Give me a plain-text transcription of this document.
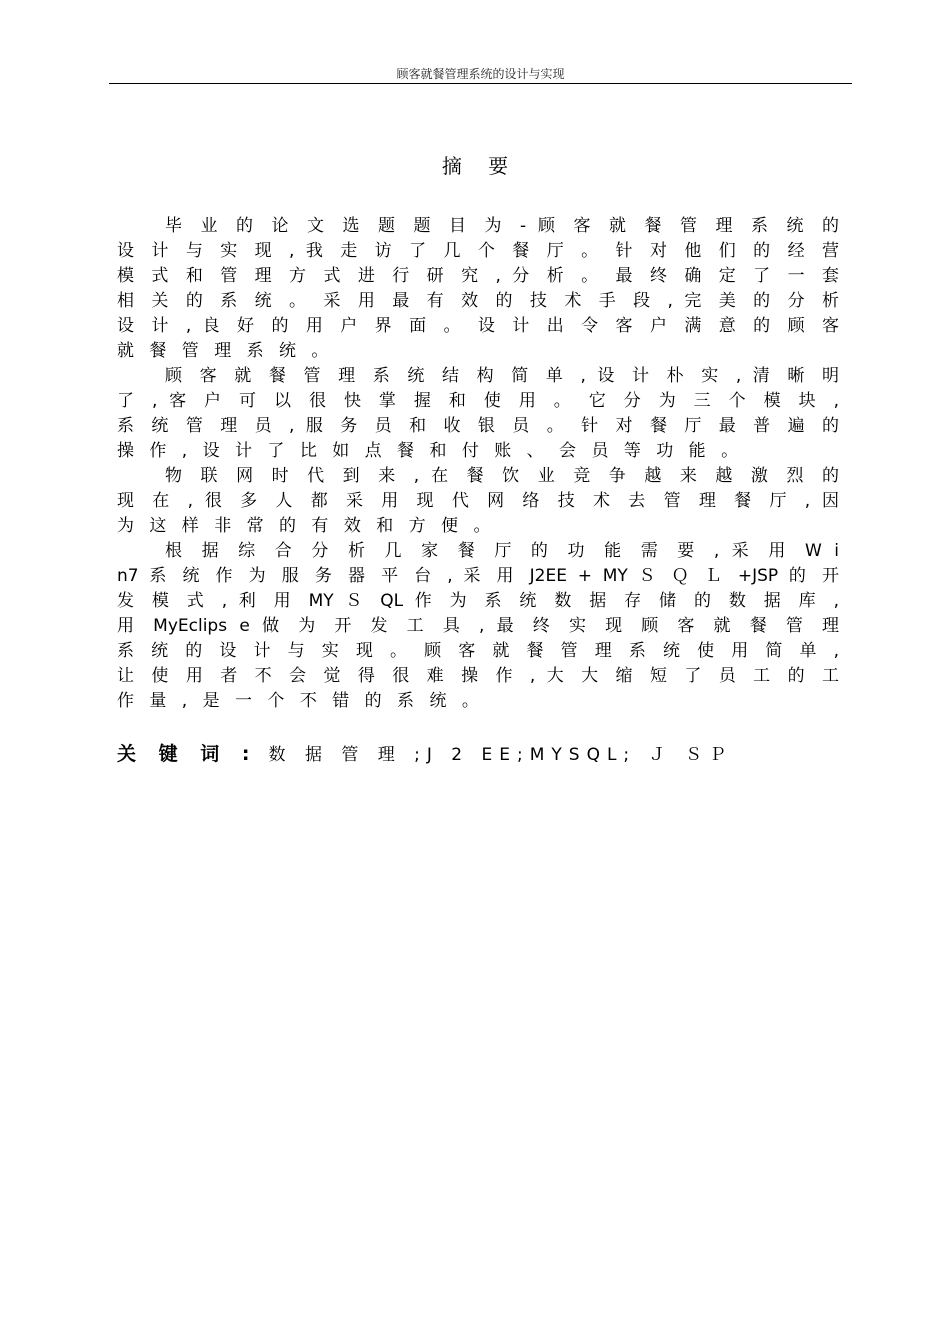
顾客就餐管理系统的设计与实现
摘 要
毕 业 的 论 文 选 题 题 目 为 - 顾 客 就 餐 管 理 系 统 的
设 计 与 实 现 , 我 走 访 了 几 个 餐 厅 。 针 对 他 们 的 经 营
模 式 和 管 理 方 式 进 行 研 究 , 分 析 。 最 终 确 定 了 一 套
相 关 的 系 统 。 采 用 最 有 效 的 技 术 手 段 , 完 美 的 分 析
设 计 , 良 好 的 用 户 界 面 。 设 计 出 令 客 户 满 意 的 顾 客
就 餐 管 理 系 统 。
顾 客 就 餐 管 理 系 统 结 构 简 单 , 设 计 朴 实 , 清 晰 明
了 , 客 户 可 以 很 快 掌 握 和 使 用 。 它 分 为 三 个 模 块 ,
系 统 管 理 员 , 服 务 员 和 收 银 员 。 针 对 餐 厅 最 普 遍 的
操 作 , 设 计 了 比 如 点 餐 和 付 账 、 会 员 等 功 能 。
物 联 网 时 代 到 来 , 在 餐 饮 业 竞 争 越 来 越 激 烈 的
现 在 , 很 多 人 都 采 用 现 代 网 络 技 术 去 管 理 餐 厅 , 因
为 这 样 非 常 的 有 效 和 方 便 。
根 据 综 合 分 析 几 家 餐 厅 的 功 能 需 要 , 采 用 W i
n7 系 统 作 为 服 务 器 平 台 , 采 用 J2EE + MY Ｓ Ｑ Ｌ +JSP 的 开
发 模 式 , 利 用 MY Ｓ QL 作 为 系 统 数 据 存 储 的 数 据 库 ,
用 MyEclips e 做 为 开 发 工 具 , 最 终 实 现 顾 客 就 餐 管 理
系 统 的 设 计 与 实 现 。 顾 客 就 餐 管 理 系 统 使 用 简 单 ,
让 使 用 者 不 会 觉 得 很 难 操 作 , 大 大 缩 短 了 员 工 的 工
作 量 , 是 一 个 不 错 的 系 统 。
关 键 词 : 数 据 管 理 ;J 2 EE;MYSQL; Ｊ ＳＰ
